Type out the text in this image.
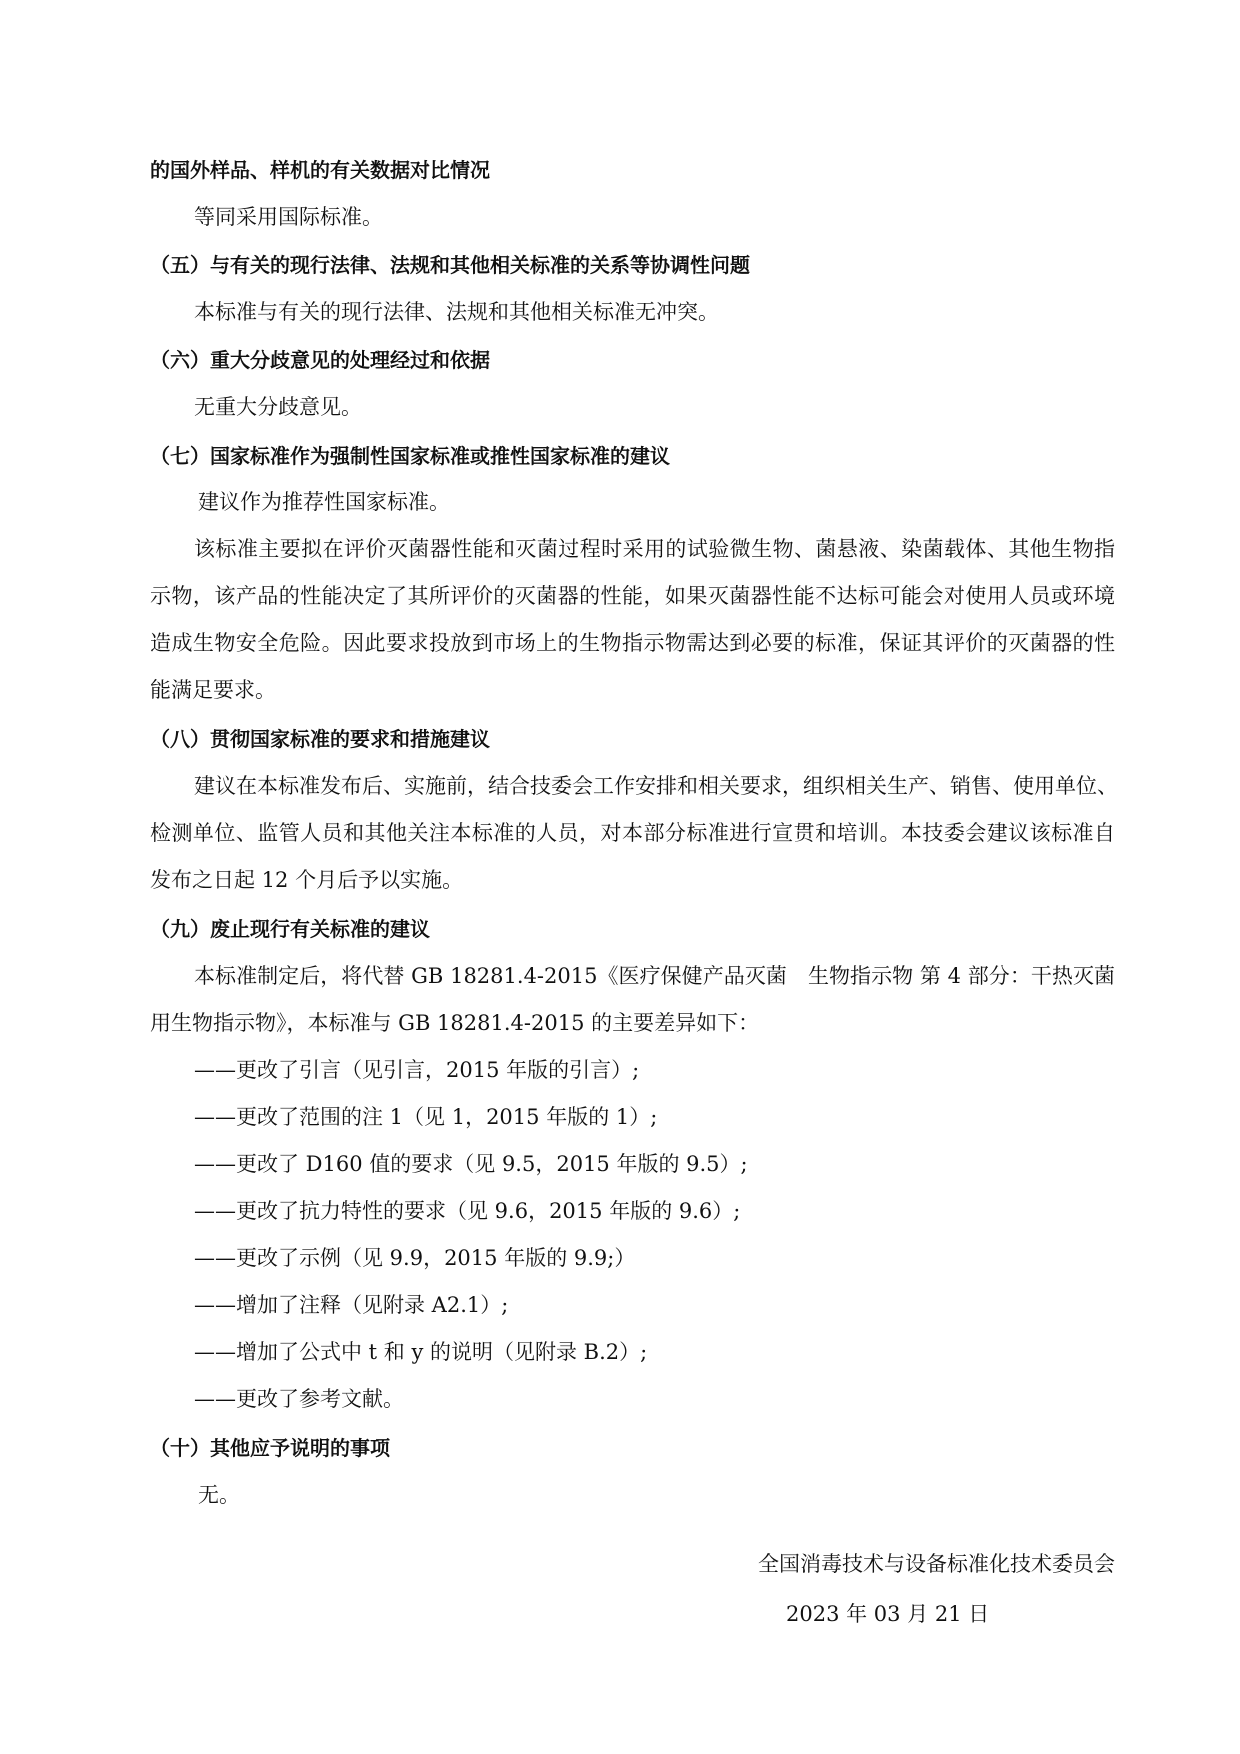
的国外样品、样机的有关数据对比情况
等同采用国际标准。
（五）与有关的现行法律、法规和其他相关标准的关系等协调性问题
本标准与有关的现行法律、法规和其他相关标准无冲突。
（六）重大分歧意见的处理经过和依据
无重大分歧意见。
（七）国家标准作为强制性国家标准或推性国家标准的建议
建议作为推荐性国家标准。
该标准主要拟在评价灭菌器性能和灭菌过程时采用的试验微生物、菌悬液、染菌载体、其他生物指
示物，该产品的性能决定了其所评价的灭菌器的性能，如果灭菌器性能不达标可能会对使用人员或环境
造成生物安全危险。因此要求投放到市场上的生物指示物需达到必要的标准，保证其评价的灭菌器的性
能满足要求。
（八）贯彻国家标准的要求和措施建议
建议在本标准发布后、实施前，结合技委会工作安排和相关要求，组织相关生产、销售、使用单位、
检测单位、监管人员和其他关注本标准的人员，对本部分标准进行宣贯和培训。本技委会建议该标准自
发布之日起 12 个月后予以实施。
（九）废止现行有关标准的建议
本标准制定后，将代替 GB 18281.4-2015《医疗保健产品灭菌　生物指示物 第 4 部分：干热灭菌
用生物指示物》，本标准与 GB 18281.4-2015 的主要差异如下：
——更改了引言（见引言，2015 年版的引言）;
——更改了范围的注 1（见 1，2015 年版的 1）;
——更改了 D160 值的要求（见 9.5，2015 年版的 9.5）;
——更改了抗力特性的要求（见 9.6，2015 年版的 9.6）;
——更改了示例（见 9.9，2015 年版的 9.9;）
——增加了注释（见附录 A2.1）;
——增加了公式中 t 和 y 的说明（见附录 B.2）;
——更改了参考文献。
（十）其他应予说明的事项
无。
全国消毒技术与设备标准化技术委员会
2023 年 03 月 21 日
